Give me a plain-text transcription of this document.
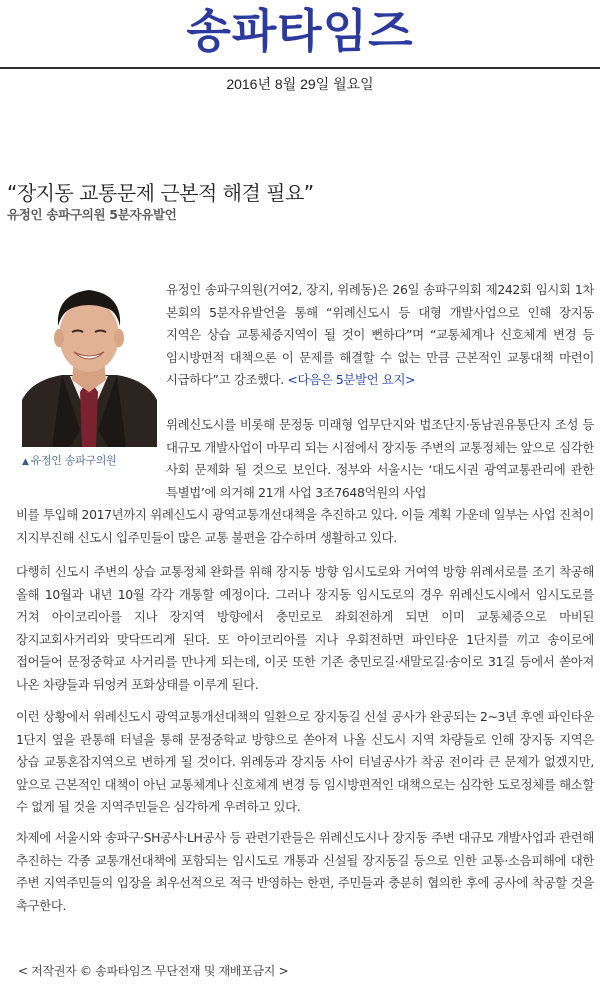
송파타임즈
2016년 8월 29일 월요일
“장지동 교통문제 근본적 해결 필요”
유정인 송파구의원 5분자유발언
▲ 유정인 송파구의원

유정인 송파구의원(거여2, 장지, 위례동)은 26일 송파구의회 제242회 임시회 1차 본회의 5분자유발언을 통해 “위례신도시 등 대형 개발사업으로 인해 장지동 지역은 상습 교통체증지역이 될 것이 뻔하다”며 “교통체계나 신호체계 변경 등 임시방편적 대책으론 이 문제를 해결할 수 없는 만큼 근본적인 교통대책 마련이 시급하다”고 강조했다. <다음은 5분발언 요지>

위례신도시를 비롯해 문정동 미래형 업무단지와 법조단지·동남권유통단지 조성 등 대규모 개발사업이 마무리 되는 시점에서 장지동 주변의 교통정체는 앞으로 심각한 사회 문제화 될 것으로 보인다. 정부와 서울시는 ‘대도시권 광역교통관리에 관한 특별법’에 의거해 21개 사업 3조7648억원의 사업

비를 투입해 2017년까지 위례신도시 광역교통개선대책을 추진하고 있다. 이들 계획 가운데 일부는 사업 진척이 지지부진해 신도시 입주민들이 많은 교통 불편을 감수하며 생활하고 있다.

다행히 신도시 주변의 상습 교통정체 완화를 위해 장지동 방향 임시도로와 거여역 방향 위례서로를 조기 착공해 올해 10월과 내년 10월 각각 개통할 예정이다. 그러나 장지동 임시도로의 경우 위례신도시에서 임시도로를 거쳐 아이코리아를 지나 장지역 방향에서 충민로로 좌회전하게 되면 이미 교통체증으로 마비된 장지교회사거리와 맞닥뜨리게 된다. 또 아이코리아를 지나 우회전하면 파인타운 1단지를 끼고 송이로에 접어들어 문정중학교 사거리를 만나게 되는데, 이곳 또한 기존 충민로길·새말로길·송이로 31길 등에서 쏟아져 나온 차량들과 뒤엉켜 포화상태를 이루게 된다.

이런 상황에서 위례신도시 광역교통개선대책의 일환으로 장지동길 신설 공사가 완공되는 2~3년 후엔 파인타운 1단지 옆을 관통해 터널을 통해 문정중학교 방향으로 쏟아져 나올 신도시 지역 차량들로 인해 장지동 지역은 상습 교통혼잡지역으로 변하게 될 것이다. 위례동과 장지동 사이 터널공사가 착공 전이라 큰 문제가 없겠지만, 앞으로 근본적인 대책이 아닌 교통체계나 신호체계 변경 등 임시방편적인 대책으로는 심각한 도로정체를 해소할 수 없게 될 것을 지역주민들은 심각하게 우려하고 있다.

차제에 서울시와 송파구·SH공사·LH공사 등 관련기관들은 위례신도시나 장지동 주변 대규모 개발사업과 관련해 추진하는 각종 교통개선대책에 포함되는 임시도로 개통과 신설될 장지동길 등으로 인한 교통·소음피해에 대한 주변 지역주민들의 입장을 최우선적으로 적극 반영하는 한편, 주민들과 충분히 협의한 후에 공사에 착공할 것을 촉구한다.

< 저작권자 © 송파타임즈 무단전재 및 재배포금지 >
